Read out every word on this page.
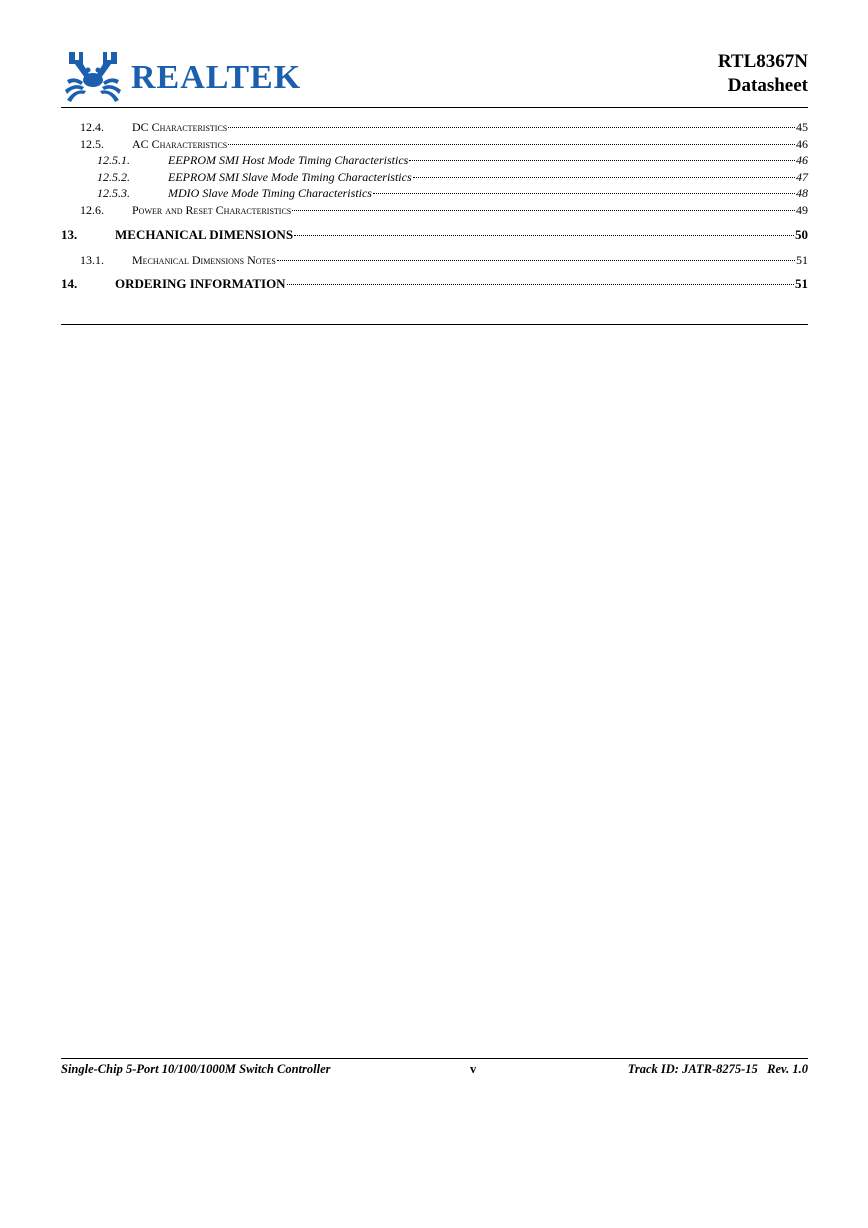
REALTEK	RTL8367N
Datasheet
12.4.	DC Characteristics	45
12.5.	AC Characteristics	46
12.5.1.	EEPROM SMI Host Mode Timing Characteristics	46
12.5.2.	EEPROM SMI Slave Mode Timing Characteristics	47
12.5.3.	MDIO Slave Mode Timing Characteristics	48
12.6.	Power and Reset Characteristics	49
13.	MECHANICAL DIMENSIONS	50
13.1.	Mechanical Dimensions Notes	51
14.	ORDERING INFORMATION	51
Single-Chip 5-Port 10/100/1000M Switch Controller	v	Track ID: JATR-8275-15   Rev. 1.0
